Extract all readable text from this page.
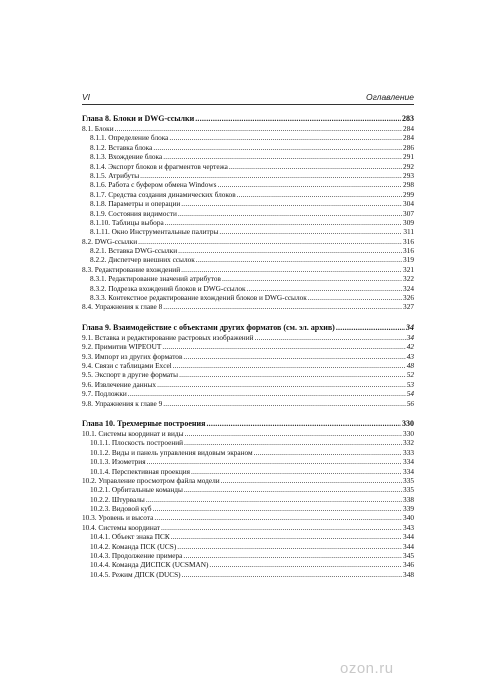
VI	Оглавление
Глава 8. Блоки и DWG-ссылки .....	283
8.1. Блоки .....	284
8.1.1. Определение блока .....	284
8.1.2. Вставка блока .....	286
8.1.3. Вхождение блока .....	291
8.1.4. Экспорт блоков и фрагментов чертежа .....	292
8.1.5. Атрибуты .....	293
8.1.6. Работа с буфером обмена Windows .....	298
8.1.7. Средства создания динамических блоков .....	299
8.1.8. Параметры и операции .....	304
8.1.9. Состояния видимости .....	307
8.1.10. Таблицы выбора .....	309
8.1.11. Окно Инструментальные палитры .....	311
8.2. DWG-ссылки .....	316
8.2.1. Вставка DWG-ссылки .....	316
8.2.2. Диспетчер внешних ссылок .....	319
8.3. Редактирование вхождений .....	321
8.3.1. Редактирование значений атрибутов .....	322
8.3.2. Подрезка вхождений блоков и DWG-ссылок .....	324
8.3.3. Контекстное редактирование вхождений блоков и DWG-ссылок .....	326
8.4. Упражнения к главе 8 .....	327
Глава 9. Взаимодействие с объектами других форматов (см. эл. архив) .....	34
9.1. Вставка и редактирование растровых изображений .....	34
9.2. Примитив WIPEOUT .....	42
9.3. Импорт из других форматов .....	43
9.4. Связи с таблицами Excel .....	48
9.5. Экспорт в другие форматы .....	52
9.6. Извлечение данных .....	53
9.7. Подложки .....	54
9.8. Упражнения к главе 9 .....	56
Глава 10. Трехмерные построения .....	330
10.1. Системы координат и виды .....	330
10.1.1. Плоскость построений .....	332
10.1.2. Виды и панель управления видовым экраном .....	333
10.1.3. Изометрия .....	334
10.1.4. Перспективная проекция .....	334
10.2. Управление просмотром файла модели .....	335
10.2.1. Орбитальные команды .....	335
10.2.2. Штурвалы .....	338
10.2.3. Видовой куб .....	339
10.3. Уровень и высота .....	340
10.4. Системы координат .....	343
10.4.1. Объект знака ПСК .....	344
10.4.2. Команда ПСК (UCS) .....	344
10.4.3. Продолжение примера .....	345
10.4.4. Команда ДИСПСК (UCSMAN) .....	346
10.4.5. Режим ДПСК (DUCS) .....	348
ozon.ru
